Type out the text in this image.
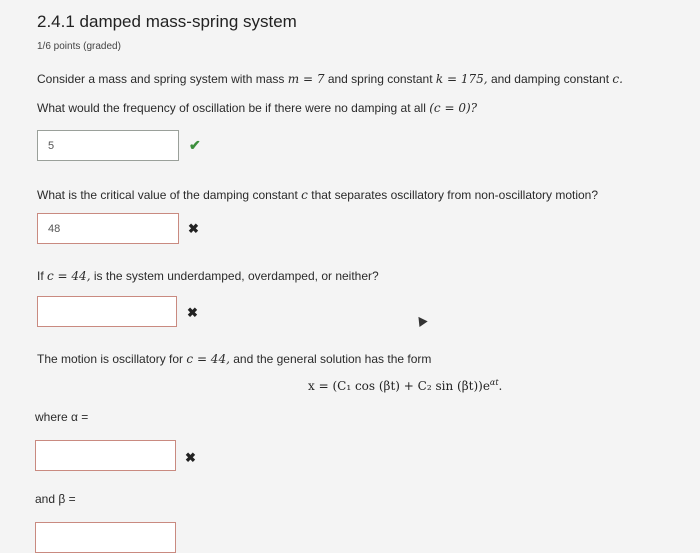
2.4.1 damped mass-spring system
1/6 points (graded)
Consider a mass and spring system with mass m = 7 and spring constant k = 175, and damping constant c.
What would the frequency of oscillation be if there were no damping at all (c = 0)?
5	✔
What is the critical value of the damping constant c that separates oscillatory from non-oscillatory motion?
48	✖
If c = 44, is the system underdamped, overdamped, or neither?
✖
The motion is oscillatory for c = 44, and the general solution has the form
x = (C₁ cos (βt) + C₂ $\sin (\beta t))e^{\alpha t}$.
where α =
✖
and β =
